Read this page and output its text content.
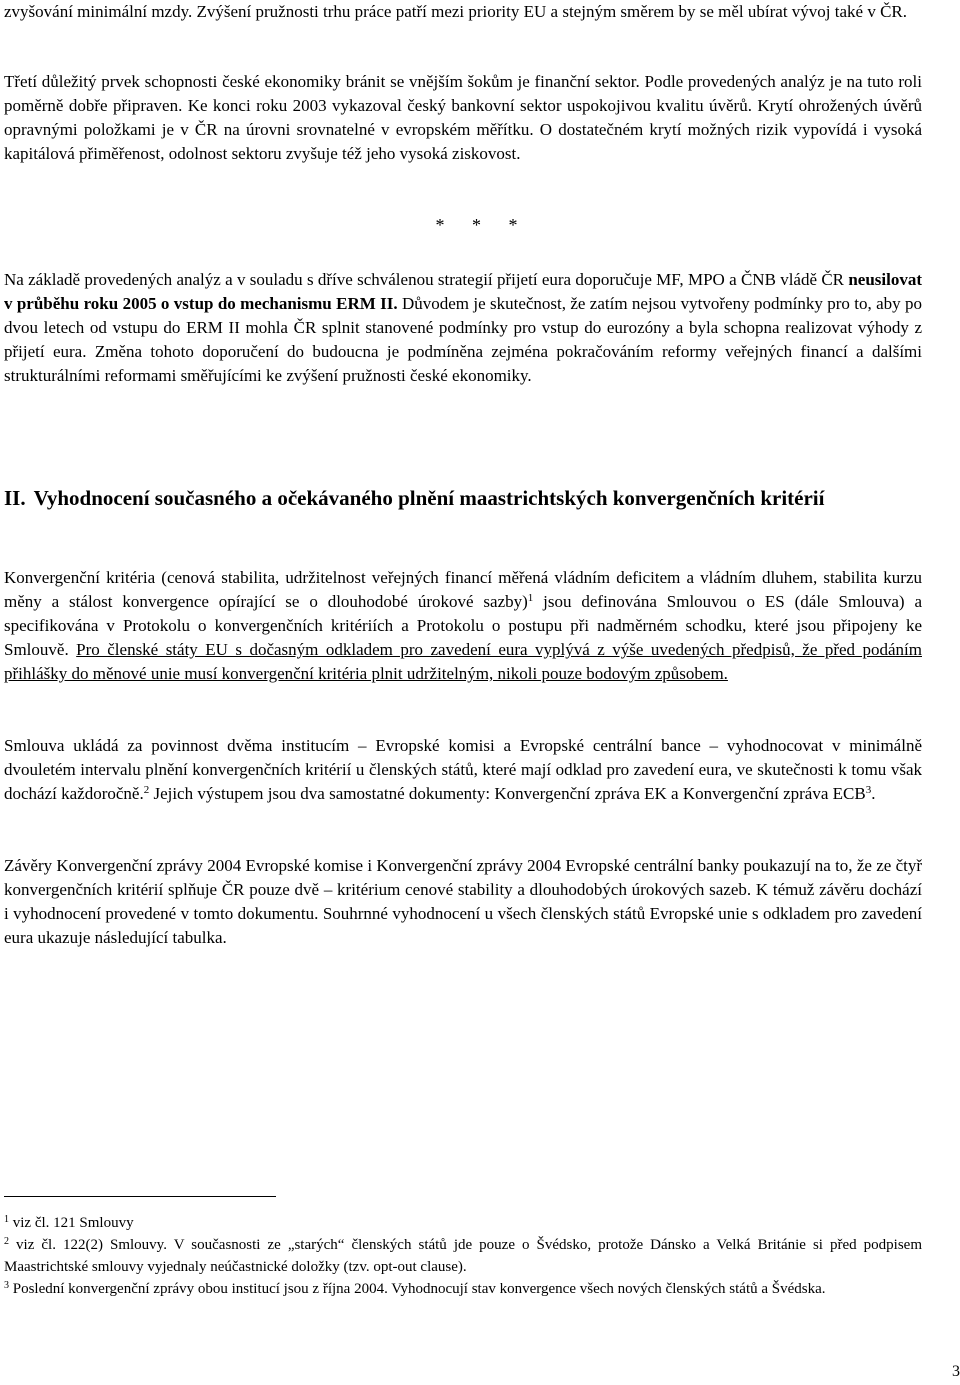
zvyšování minimální mzdy. Zvýšení pružnosti trhu práce patří mezi priority EU a stejným směrem by se měl ubírat vývoj také v ČR.

Třetí důležitý prvek schopnosti české ekonomiky bránit se vnějším šokům je finanční sektor. Podle provedených analýz je na tuto roli poměrně dobře připraven. Ke konci roku 2003 vykazoval český bankovní sektor uspokojivou kvalitu úvěrů. Krytí ohrožených úvěrů opravnými položkami je v ČR na úrovni srovnatelné v evropském měřítku. O dostatečném krytí možných rizik vypovídá i vysoká kapitálová přiměřenost, odolnost sektoru zvyšuje též jeho vysoká ziskovost.

* * *

Na základě provedených analýz a v souladu s dříve schválenou strategií přijetí eura doporučuje MF, MPO a ČNB vládě ČR neusilovat v průběhu roku 2005 o vstup do mechanismu ERM II. Důvodem je skutečnost, že zatím nejsou vytvořeny podmínky pro to, aby po dvou letech od vstupu do ERM II mohla ČR splnit stanovené podmínky pro vstup do eurozóny a byla schopna realizovat výhody z přijetí eura. Změna tohoto doporučení do budoucna je podmíněna zejména pokračováním reformy veřejných financí a dalšími strukturálními reformami směřujícími ke zvýšení pružnosti české ekonomiky.

II. Vyhodnocení současného a očekávaného plnění maastrichtských konvergenčních kritérií

Konvergenční kritéria (cenová stabilita, udržitelnost veřejných financí měřená vládním deficitem a vládním dluhem, stabilita kurzu měny a stálost konvergence opírající se o dlouhodobé úrokové sazby)$^1$ jsou definována Smlouvou o ES (dále Smlouva) a specifikována v Protokolu o konvergenčních kritériích a Protokolu o postupu při nadměrném schodku, které jsou připojeny ke Smlouvě. Pro členské státy EU s dočasným odkladem pro zavedení eura vyplývá z výše uvedených předpisů, že před podáním přihlášky do měnové unie musí konvergenční kritéria plnit udržitelným, nikoli pouze bodovým způsobem.

Smlouva ukládá za povinnost dvěma institucím – Evropské komisi a Evropské centrální bance – vyhodnocovat v minimálně dvouletém intervalu plnění konvergenčních kritérií u členských států, které mají odklad pro zavedení eura, ve skutečnosti k tomu však dochází každoročně.$^2$ Jejich výstupem jsou dva samostatné dokumenty: Konvergenční zpráva EK a Konvergenční zpráva ECB$^3$.

Závěry Konvergenční zprávy 2004 Evropské komise i Konvergenční zprávy 2004 Evropské centrální banky poukazují na to, že ze čtyř konvergenčních kritérií splňuje ČR pouze dvě – kritérium cenové stability a dlouhodobých úrokových sazeb. K témuž závěru dochází i vyhodnocení provedené v tomto dokumentu. Souhrnné vyhodnocení u všech členských států Evropské unie s odkladem pro zavedení eura ukazuje následující tabulka.

$^1$ viz čl. 121 Smlouvy

$^2$ viz čl. 122(2) Smlouvy. V současnosti ze „starých“ členských států jde pouze o Švédsko, protože Dánsko a Velká Británie si před podpisem Maastrichtské smlouvy vyjednaly neúčastnické doložky (tzv. opt-out clause).

$^3$ Poslední konvergenční zprávy obou institucí jsou z října 2004. Vyhodnocují stav konvergence všech nových členských států a Švédska.

3
